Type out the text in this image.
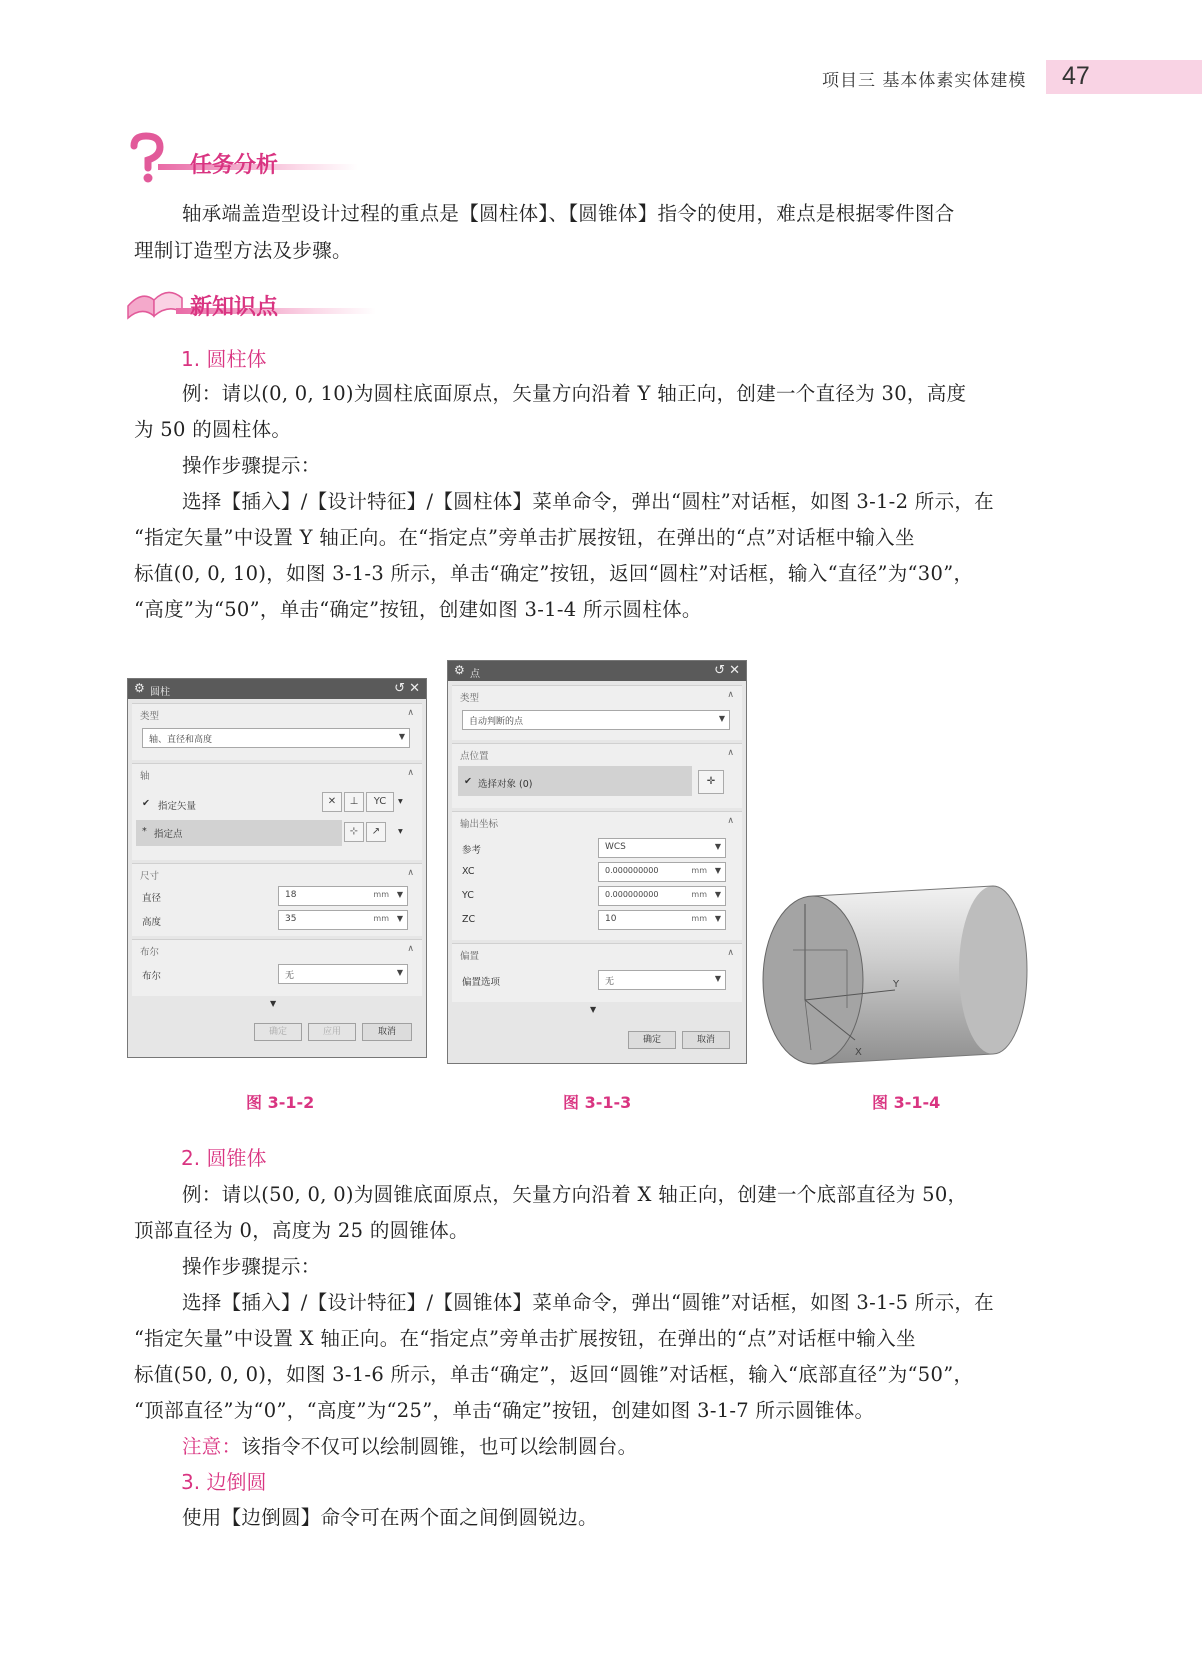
项目三 基本体素实体建模 47
任务分析
轴承端盖造型设计过程的重点是【圆柱体】、【圆锥体】指令的使用，难点是根据零件图合
理制订造型方法及步骤。
新知识点
1. 圆柱体
例：请以(0, 0, 10)为圆柱底面原点，矢量方向沿着 Y 轴正向，创建一个直径为 30，高度
为 50 的圆柱体。
操作步骤提示：
选择【插入】/【设计特征】/【圆柱体】菜单命令，弹出“圆柱”对话框，如图 3-1-2 所示，在
“指定矢量”中设置 Y 轴正向。在“指定点”旁单击扩展按钮，在弹出的“点”对话框中输入坐
标值(0, 0, 10)，如图 3-1-3 所示，单击“确定”按钮，返回“圆柱”对话框，输入“直径”为“30”，
“高度”为“50”，单击“确定”按钮，创建如图 3-1-4 所示圆柱体。
⚙ 圆柱	↺ ✕
类型	∧
轴、直径和高度	▼
轴	∧
✔ 指定矢量	✕	⊥	YC	▾
* 指定点	⊹	↗	▾
尺寸	∧
直径	18	mm ▼
高度	35	mm ▼
布尔	∧
布尔	无	▼
▼
确定	应用	取消
图 3-1-2
⚙ 点	↺ ✕
类型	∧
自动判断的点	▼
点位置	∧
✔ 选择对象 (0)	✛
输出坐标	∧
参考	WCS	▼
XC	0.000000000	mm ▼
YC	0.000000000	mm ▼
ZC	10	mm ▼
偏置	∧
偏置选项	无	▼
▼
确定	取消
图 3-1-3
Y
X
图 3-1-4
2. 圆锥体
例：请以(50, 0, 0)为圆锥底面原点，矢量方向沿着 X 轴正向，创建一个底部直径为 50，
顶部直径为 0，高度为 25 的圆锥体。
操作步骤提示：
选择【插入】/【设计特征】/【圆锥体】菜单命令，弹出“圆锥”对话框，如图 3-1-5 所示，在
“指定矢量”中设置 X 轴正向。在“指定点”旁单击扩展按钮，在弹出的“点”对话框中输入坐
标值(50, 0, 0)，如图 3-1-6 所示，单击“确定”，返回“圆锥”对话框，输入“底部直径”为“50”，
“顶部直径”为“0”，“高度”为“25”，单击“确定”按钮，创建如图 3-1-7 所示圆锥体。
注意：该指令不仅可以绘制圆锥，也可以绘制圆台。
3. 边倒圆
使用【边倒圆】命令可在两个面之间倒圆锐边。
